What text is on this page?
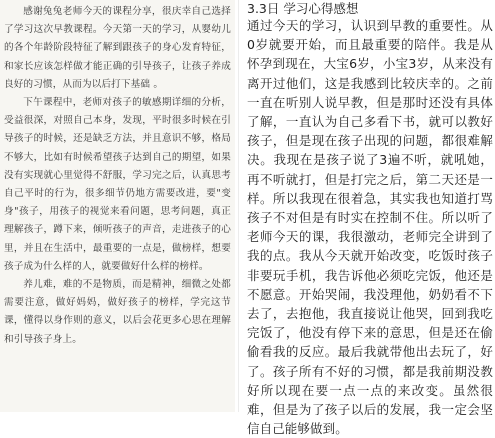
感谢兔兔老师今天的课程分享，很庆幸自己选择了学习这次早教课程。今天第一天的学习，从婴幼儿的各个年龄阶段特征了解到跟孩子的身心发育特征，和家长应该怎样做才能正确的引导孩子，让孩子养成良好的习惯，从而为以后打下基础 。

下午课程中，老师对孩子的敏感期详细的分析，受益很深，对照自己本身，发现，平时很多时候在引导孩子的时候，还是缺乏方法，并且意识不够，格局不够大，比如有时候希望孩子达到自己的期望，如果没有实现就心里觉得不舒服，学习完之后，认真思考自己平时的行为，很多细节仍地方需要改进，要"变身"孩子，用孩子的视觉来看问题，思考问题，真正理解孩子，蹲下来，倾听孩子的声音，走进孩子的心里，并且在生活中，最重要的一点是，做榜样，想要孩子成为什么样的人，就要做好什么样的榜样。

养儿难，难的不是物质，而是精神，细微之处都需要注意，做好妈妈，做好孩子的榜样，学完这节课，懂得以身作则的意义，以后会花更多心思在理解和引导孩子身上。

3.3日 学习心得感想

通过今天的学习，认识到早教的重要性。从0岁就要开始，而且最重要的陪伴。我是从怀孕到现在，大宝6岁，小宝3岁，从来没有离开过他们，这是我感到比较庆幸的。之前一直在听别人说早教，但是那时还没有具体了解，一直认为自己多看下书，就可以教好孩子，但是现在孩子出现的问题，都很难解决。我现在是孩子说了3遍不听，就吼她，再不听就打，但是打完之后，第二天还是一样。所以我现在很着急，其实我也知道打骂孩子不对但是有时实在控制不住。所以听了老师今天的课，我很激动，老师完全讲到了我的点。我从今天就开始改变，吃饭时孩子非要玩手机，我告诉他必须吃完饭，他还是不愿意。开始哭闹，我没理他，奶奶看不下去了，去抱他，我直接说让他哭，回到我吃完饭了，他没有停下来的意思，但是还在偷偷看我的反应。最后我就带他出去玩了，好了。孩子所有不好的习惯，都是我前期没教好所以现在要一点一点的来改变。虽然很难，但是为了孩子以后的发展，我一定会坚信自己能够做到。
